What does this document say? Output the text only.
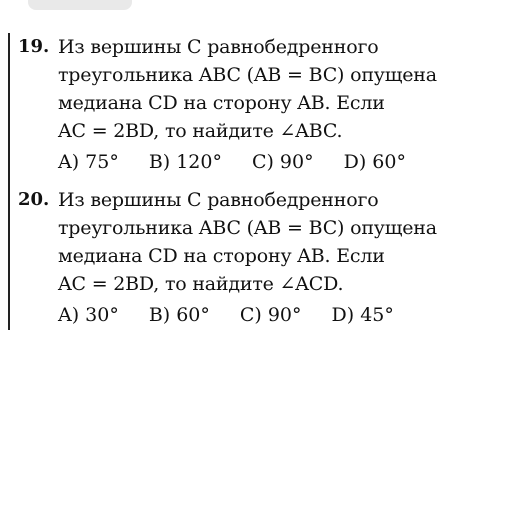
19. Из вершины C равнобедренного
треугольника ABC (AB = BC) опущена
медиана CD на сторону AB. Если
AC = 2BD, то найдите ∠ABC.
A) 75° B) 120° C) 90° D) 60°
20. Из вершины C равнобедренного
треугольника ABC (AB = BC) опущена
медиана CD на сторону AB. Если
AC = 2BD, то найдите ∠ACD.
A) 30° B) 60° C) 90° D) 45°
